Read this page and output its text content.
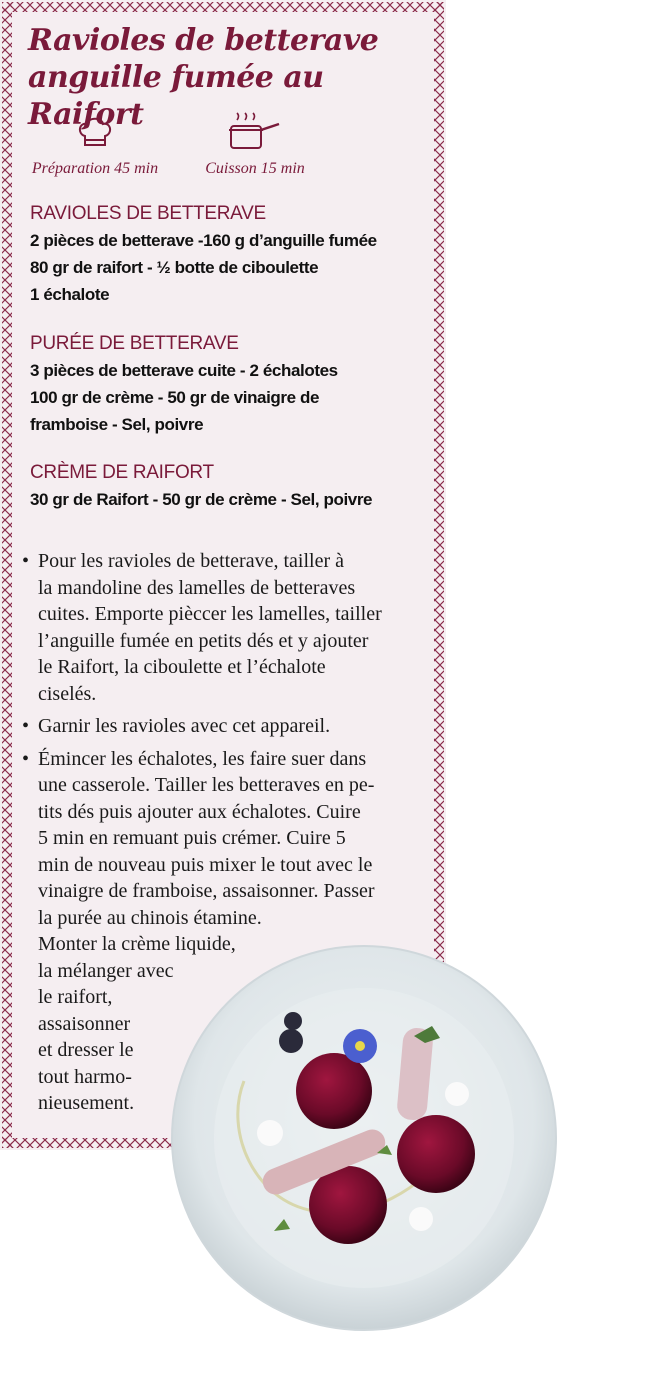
Ravioles de betterave
anguille fumée au Raifort
Préparation 45 min	Cuisson 15 min
RAVIOLES DE BETTERAVE
2 pièces de betterave -160 g d’anguille fumée
80 gr de raifort - ½ botte de ciboulette
1 échalote
PURÉE DE BETTERAVE
3 pièces de betterave cuite - 2 échalotes
100 gr de crème - 50 gr de vinaigre de
framboise - Sel, poivre
CRÈME DE RAIFORT
30 gr de Raifort - 50 gr de crème - Sel, poivre
• Pour les ravioles de betterave, tailler à
la mandoline des lamelles de betteraves
cuites. Emporte pièccer les lamelles, tailler
l’anguille fumée en petits dés et y ajouter
le Raifort, la ciboulette et l’échalote
ciselés.
• Garnir les ravioles avec cet appareil.
• Émincer les échalotes, les faire suer dans
une casserole. Tailler les betteraves en pe-
tits dés puis ajouter aux échalotes. Cuire
5 min en remuant puis crémer. Cuire 5
min de nouveau puis mixer le tout avec le
vinaigre de framboise, assaisonner. Passer
la purée au chinois étamine.
Monter la crème liquide,
la mélanger avec
le raifort,
assaisonner
et dresser le
tout harmo-
nieusement.
